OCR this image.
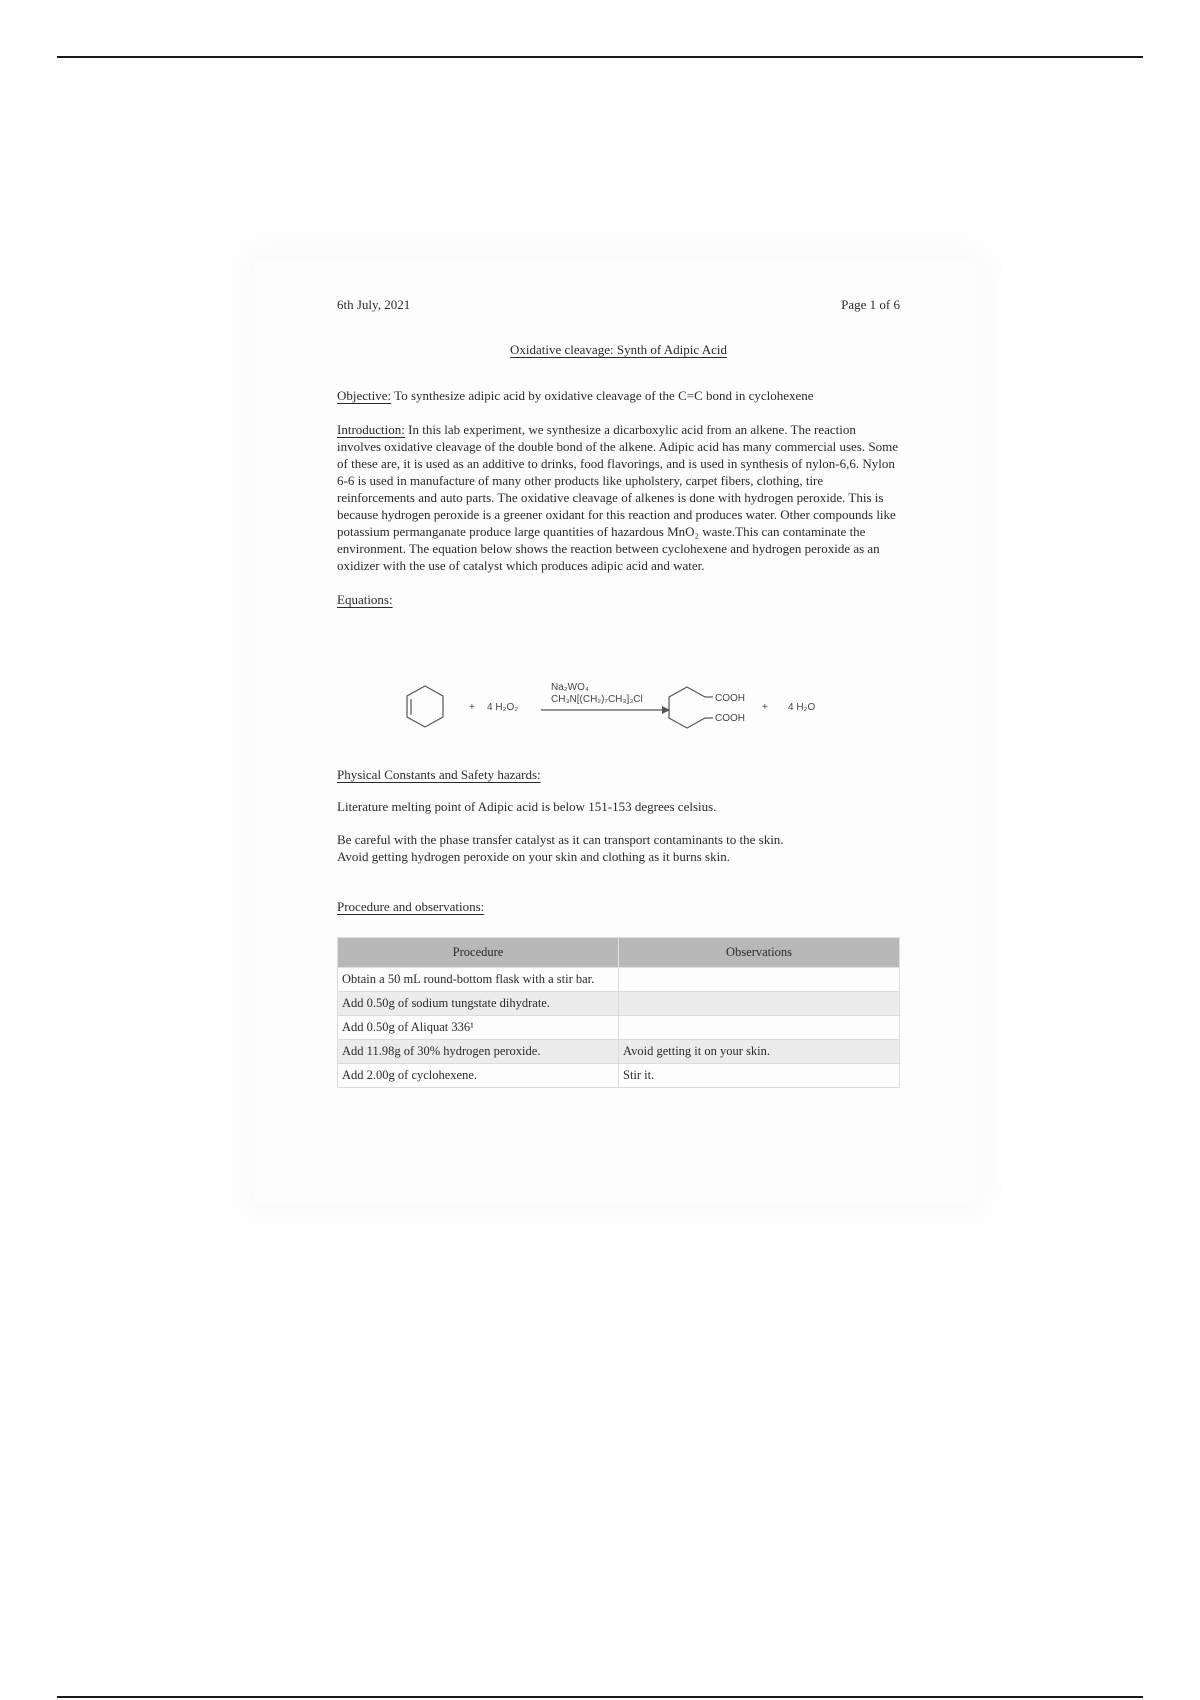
6th July, 2021	Page 1 of 6
Oxidative cleavage: Synth of Adipic Acid

Objective: To synthesize adipic acid by oxidative cleavage of the C=C bond in cyclohexene

Introduction: In this lab experiment, we synthesize a dicarboxylic acid from an alkene. The reaction involves oxidative cleavage of the double bond of the alkene. Adipic acid has many commercial uses. Some of these are, it is used as an additive to drinks, food flavorings, and is used in synthesis of nylon-6,6. Nylon 6-6 is used in manufacture of many other products like upholstery, carpet fibers, clothing, tire reinforcements and auto parts. The oxidative cleavage of alkenes is done with hydrogen peroxide. This is because hydrogen peroxide is a greener oxidant for this reaction and produces water. Other compounds like potassium permanganate produce large quantities of hazardous MnO₂ waste.This can contaminate the environment. The equation below shows the reaction between cyclohexene and hydrogen peroxide as an oxidizer with the use of catalyst which produces adipic acid and water.

Equations:

+ 4 H₂O₂
Na₂WO₄
CH₃N[(CH₂)₇CH₃]₃Cl	COOH
COOH
+ 4 H₂O

Physical Constants and Safety hazards:

Literature melting point of Adipic acid is below 151-153 degrees celsius.

Be careful with the phase transfer catalyst as it can transport contaminants to the skin.
Avoid getting hydrogen peroxide on your skin and clothing as it burns skin.

Procedure and observations:

Procedure	Observations
Obtain a 50 mL round-bottom flask with a stir bar.	
Add 0.50g of sodium tungstate dihydrate.	
Add 0.50g of Aliquat 336¹	
Add 11.98g of 30% hydrogen peroxide.	Avoid getting it on your skin.
Add 2.00g of cyclohexene.	Stir it.
